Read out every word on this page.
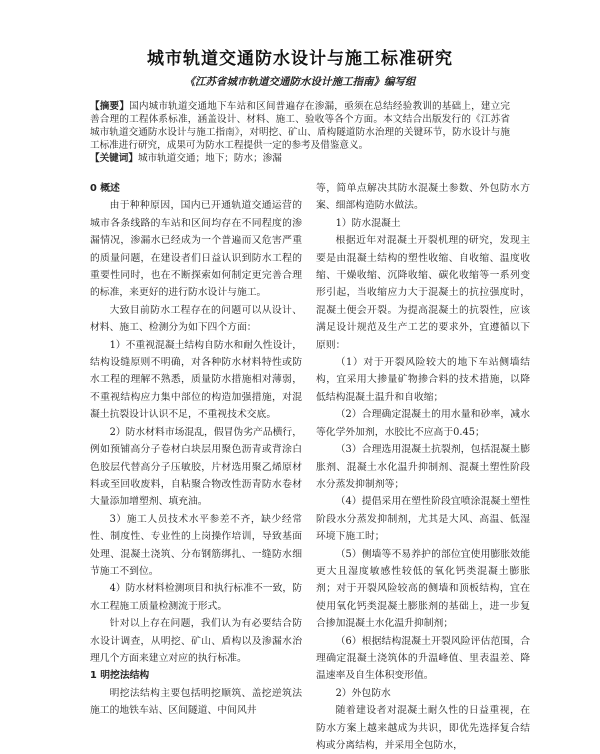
城市轨道交通防水设计与施工标准研究
《江苏省城市轨道交通防水设计施工指南》编写组
【摘要】国内城市轨道交通地下车站和区间普遍存在渗漏，亟须在总结经验教训的基础上，建立完善合理的工程体系标准，涵盖设计、材料、施工、验收等各个方面。本文结合出版发行的《江苏省城市轨道交通防水设计与施工指南》，对明挖、矿山、盾构隧道防水治理的关键环节，防水设计与施工标准进行研究，成果可为防水工程提供一定的参考及借鉴意义。
【关键词】城市轨道交通；地下；防水；渗漏

0 概述

由于种种原因，国内已开通轨道交通运营的城市各条线路的车站和区间均存在不同程度的渗漏情况，渗漏水已经成为一个普遍而又危害严重的质量问题，在建设者们日益认识到防水工程的重要性同时，也在不断探索如何制定更完善合理的标准，来更好的进行防水设计与施工。

大致目前防水工程存在的问题可以从设计、材料、施工、检测分为如下四个方面：

1）不重视混凝土结构自防水和耐久性设计，结构设缝原则不明确，对各种防水材料特性或防水工程的理解不熟悉，质量防水措施相对薄弱，不重视结构应力集中部位的构造加强措施，对混凝土抗裂设计认识不足，不重视技术交底。

2）防水材料市场混乱，假冒伪劣产品横行，例如预铺高分子卷材白块层用聚色沥青或背涂白色胶层代替高分子压敏胶，片材选用聚乙烯原材料或至回收废料，自粘聚合物改性沥青防水卷材大量添加增塑剂、填充油。

3）施工人员技术水平参差不齐，缺少经常性、制度性、专业性的上岗操作培训，导致基面处理、混凝土浇筑、分布钢筋绑扎、一缝防水细节施工不到位。

4）防水材料检测项目和执行标准不一致，防水工程施工质量检测流于形式。

针对以上存在问题，我们认为有必要结合防水设计调查，从明挖、矿山、盾构以及渗漏水治理几个方面来建立对应的执行标准。

1 明挖法结构

明挖法结构主要包括明挖顺筑、盖挖逆筑法施工的地铁车站、区间隧道、中间风井

等，简单点解决其防水混凝土参数、外包防水方案、细部构造防水做法。

1）防水混凝土

根据近年对混凝土开裂机理的研究，发现主要是由混凝土结构的塑性收缩、自收缩、温度收缩、干燥收缩、沉降收缩、碳化收缩等一系列变形引起，当收缩应力大于混凝土的抗拉强度时，混凝土便会开裂。为提高混凝土的抗裂性，应该满足设计规范及生产工艺的要求外，宜遵循以下原则：

（1）对于开裂风险较大的地下车站侧墙结构，宜采用大掺量矿物掺合料的技术措施，以降低结构混凝土温升和自收缩；

（2）合理确定混凝土的用水量和砂率，减水等化学外加剂，水胶比不应高于0.45；

（3）合理选用混凝土抗裂剂，包括混凝土膨胀剂、混凝土水化温升抑制剂、混凝土塑性阶段水分蒸发抑制剂等；

（4）提倡采用在塑性阶段宜喷涂混凝土塑性阶段水分蒸发抑制剂，尤其是大风、高温、低湿环境下施工时；

（5）侧墙等不易养护的部位宜使用膨胀效能更大且湿度敏感性较低的氧化钙类混凝土膨胀剂；对于开裂风险较高的侧墙和顶板结构，宜在使用氧化钙类混凝土膨胀剂的基础上，进一步复合掺加混凝土水化温升抑制剂；

（6）根据结构混凝土开裂风险评估范围，合理确定混凝土浇筑体的升温峰值、里表温差、降温速率及自生体积变形值。

2）外包防水

随着建设者对混凝土耐久性的日益重视，在防水方案上越来越成为共识，即优先选择复合结构或分离结构，并采用全包防水，
